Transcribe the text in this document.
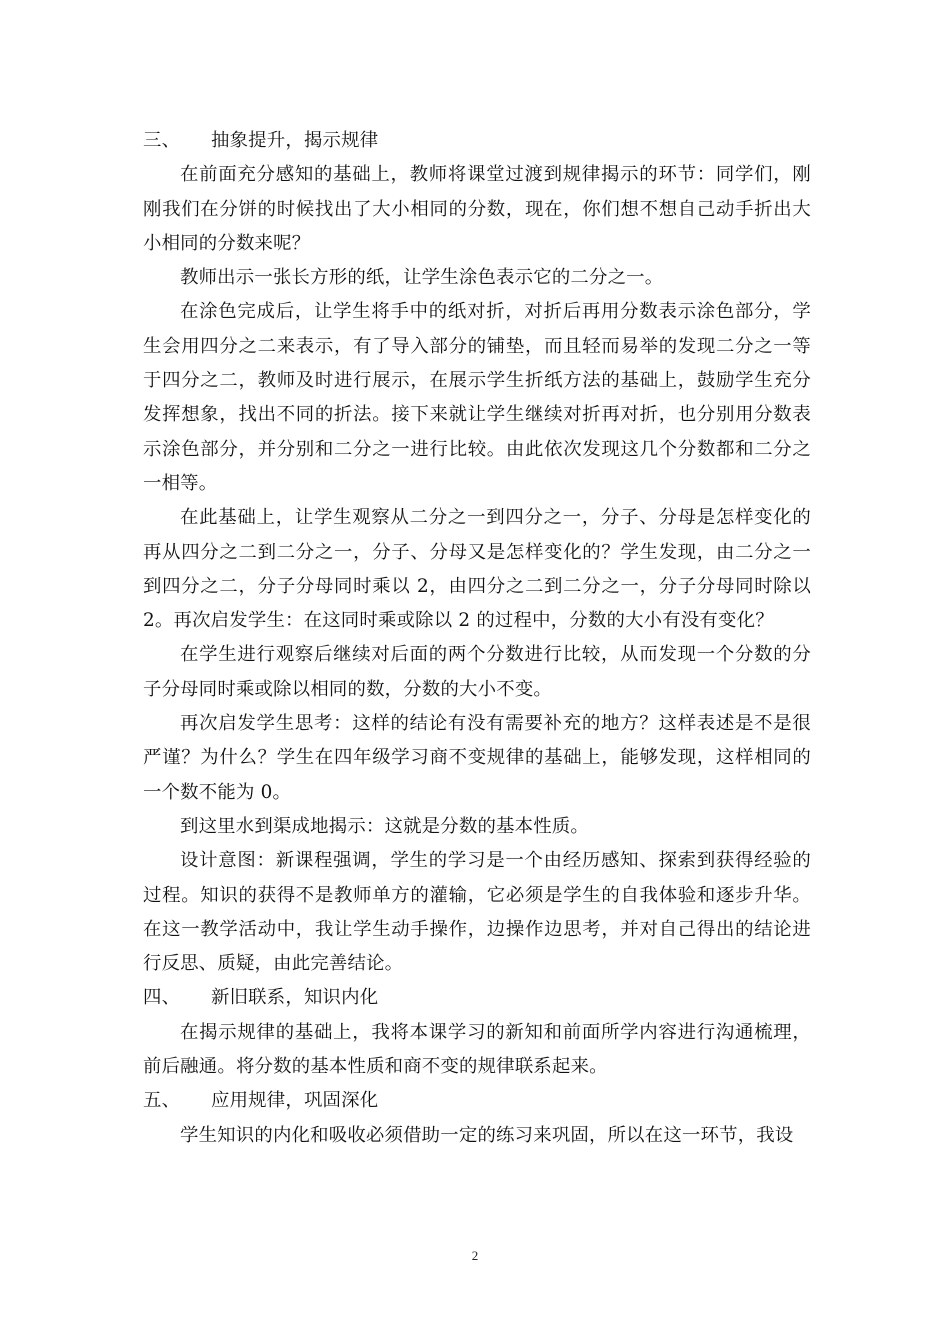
三、 抽象提升，揭示规律

在前面充分感知的基础上，教师将课堂过渡到规律揭示的环节：同学们，刚刚我们在分饼的时候找出了大小相同的分数，现在，你们想不想自己动手折出大小相同的分数来呢？

教师出示一张长方形的纸，让学生涂色表示它的二分之一。

在涂色完成后，让学生将手中的纸对折，对折后再用分数表示涂色部分，学生会用四分之二来表示，有了导入部分的铺垫，而且轻而易举的发现二分之一等于四分之二，教师及时进行展示，在展示学生折纸方法的基础上，鼓励学生充分发挥想象，找出不同的折法。接下来就让学生继续对折再对折，也分别用分数表示涂色部分，并分别和二分之一进行比较。由此依次发现这几个分数都和二分之一相等。

在此基础上，让学生观察从二分之一到四分之一，分子、分母是怎样变化的再从四分之二到二分之一，分子、分母又是怎样变化的？学生发现，由二分之一到四分之二，分子分母同时乘以 2，由四分之二到二分之一，分子分母同时除以 2。再次启发学生：在这同时乘或除以 2 的过程中，分数的大小有没有变化？

在学生进行观察后继续对后面的两个分数进行比较，从而发现一个分数的分子分母同时乘或除以相同的数，分数的大小不变。

再次启发学生思考：这样的结论有没有需要补充的地方？这样表述是不是很严谨？为什么？学生在四年级学习商不变规律的基础上，能够发现，这样相同的一个数不能为 0。

到这里水到渠成地揭示：这就是分数的基本性质。

设计意图：新课程强调，学生的学习是一个由经历感知、探索到获得经验的过程。知识的获得不是教师单方的灌输，它必须是学生的自我体验和逐步升华。在这一教学活动中，我让学生动手操作，边操作边思考，并对自己得出的结论进行反思、质疑，由此完善结论。

四、 新旧联系，知识内化

在揭示规律的基础上，我将本课学习的新知和前面所学内容进行沟通梳理，前后融通。将分数的基本性质和商不变的规律联系起来。

五、 应用规律，巩固深化

学生知识的内化和吸收必须借助一定的练习来巩固，所以在这一环节，我设

2
